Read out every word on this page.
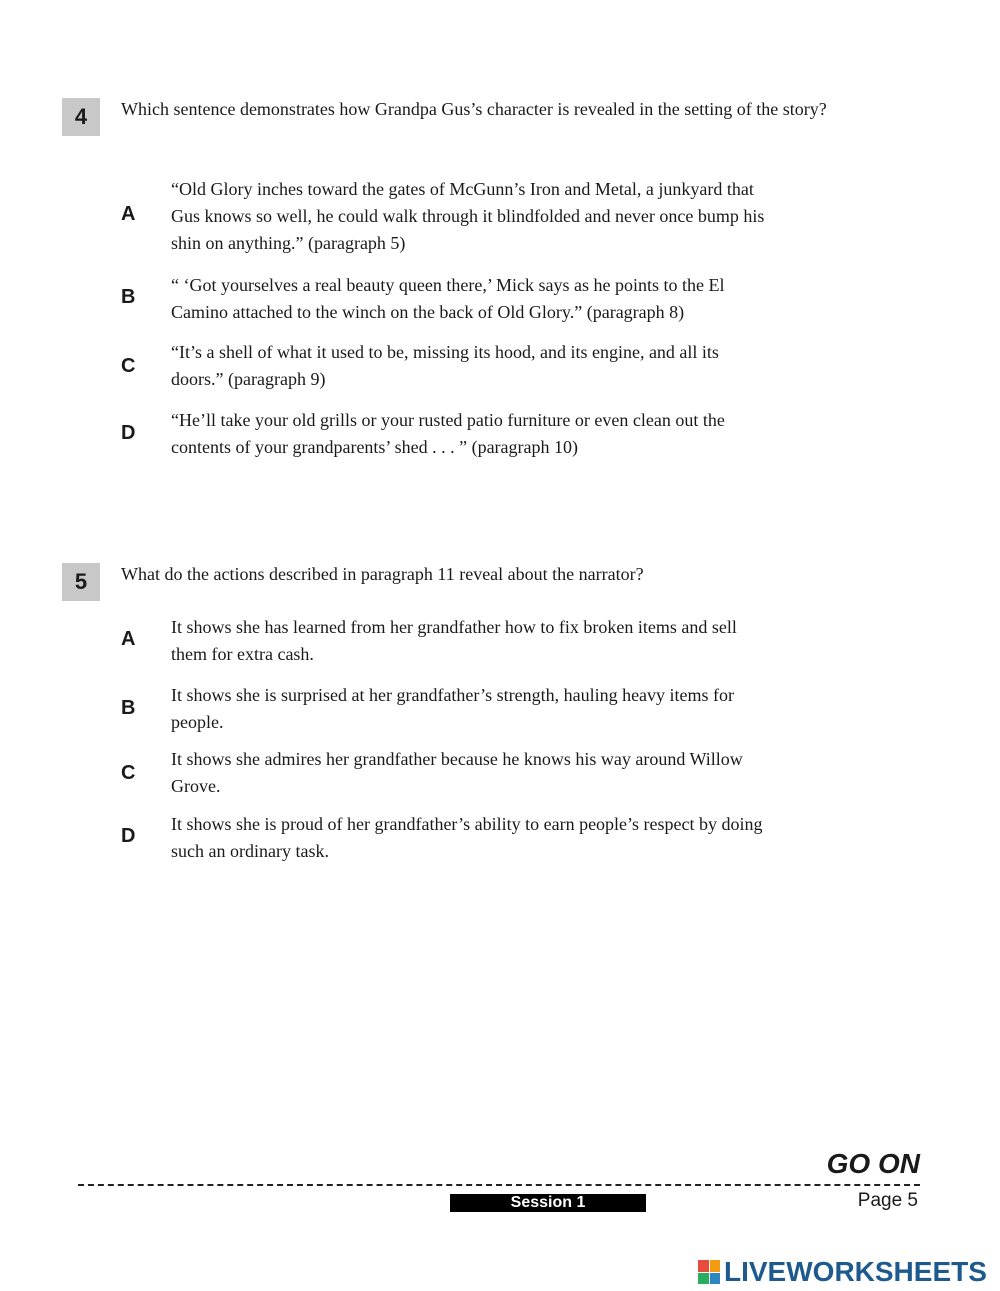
4	Which sentence demonstrates how Grandpa Gus’s character is revealed in the setting of the story?
A
“Old Glory inches toward the gates of McGunn’s Iron and Metal, a junkyard that Gus knows so well, he could walk through it blindfolded and never once bump his shin on anything.” (paragraph 5)
B
“ ‘Got yourselves a real beauty queen there,’ Mick says as he points to the El Camino attached to the winch on the back of Old Glory.” (paragraph 8)
C
“It’s a shell of what it used to be, missing its hood, and its engine, and all its doors.” (paragraph 9)
D
“He’ll take your old grills or your rusted patio furniture or even clean out the contents of your grandparents’ shed . . . ” (paragraph 10)
5	What do the actions described in paragraph 11 reveal about the narrator?
A
It shows she has learned from her grandfather how to fix broken items and sell them for extra cash.
B
It shows she is surprised at her grandfather’s strength, hauling heavy items for people.
C
It shows she admires her grandfather because he knows his way around Willow Grove.
D
It shows she is proud of her grandfather’s ability to earn people’s respect by doing such an ordinary task.
GO ON
Session 1	Page 5
LIVEWORKSHEETS
